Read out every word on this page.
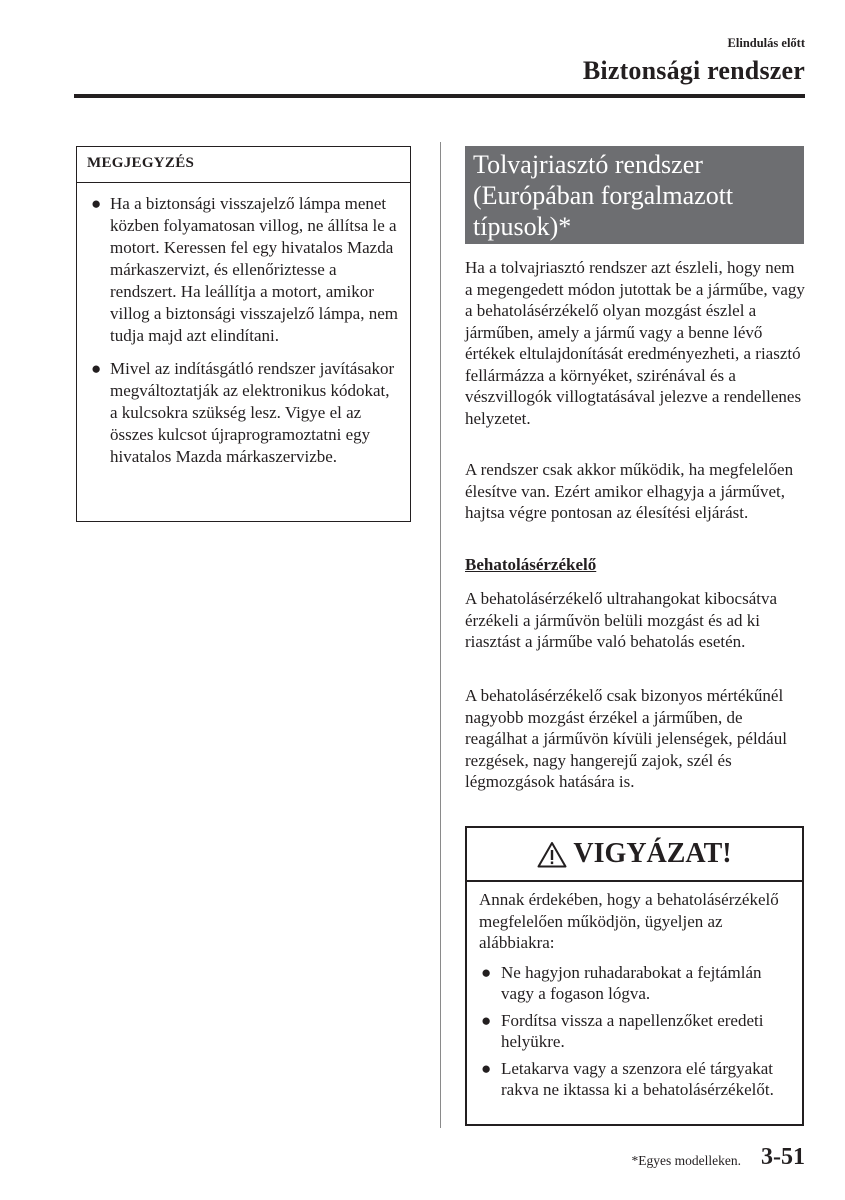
Elindulás előtt
Biztonsági rendszer
MEGJEGYZÉS
● Ha a biztonsági visszajelző lámpa menet közben folyamatosan villog, ne állítsa le a motort. Keressen fel egy hivatalos Mazda márkaszervizt, és ellenőriztesse a rendszert. Ha leállítja a motort, amikor villog a biztonsági visszajelző lámpa, nem tudja majd azt elindítani.
● Mivel az indításgátló rendszer javításakor megváltoztatják az elektronikus kódokat, a kulcsokra szükség lesz. Vigye el az összes kulcsot újraprogramoztatni egy hivatalos Mazda márkaszervizbe.
Tolvajriasztó rendszer
(Európában forgalmazott
típusok)*

Ha a tolvajriasztó rendszer azt észleli, hogy nem a megengedett módon jutottak be a járműbe, vagy a behatolásérzékelő olyan mozgást észlel a járműben, amely a jármű vagy a benne lévő értékek eltulajdonítását eredményezheti, a riasztó fellármázza a környéket, szirénával és a vészvillogók villogtatásával jelezve a rendellenes helyzetet.

A rendszer csak akkor működik, ha megfelelően élesítve van. Ezért amikor elhagyja a járművet, hajtsa végre pontosan az élesítési eljárást.

Behatolásérzékelő

A behatolásérzékelő ultrahangokat kibocsátva érzékeli a járművön belüli mozgást és ad ki riasztást a járműbe való behatolás esetén.

A behatolásérzékelő csak bizonyos mértékűnél nagyobb mozgást érzékel a járműben, de reagálhat a járművön kívüli jelenségek, például rezgések, nagy hangerejű zajok, szél és légmozgások hatására is.

VIGYÁZAT!

Annak érdekében, hogy a behatolásérzékelő megfelelően működjön, ügyeljen az alábbiakra:

● Ne hagyjon ruhadarabokat a fejtámlán vagy a fogason lógva.
● Fordítsa vissza a napellenzőket eredeti helyükre.
● Letakarva vagy a szenzora elé tárgyakat rakva ne iktassa ki a behatolásérzékelőt.
*Egyes modelleken. 3-51
